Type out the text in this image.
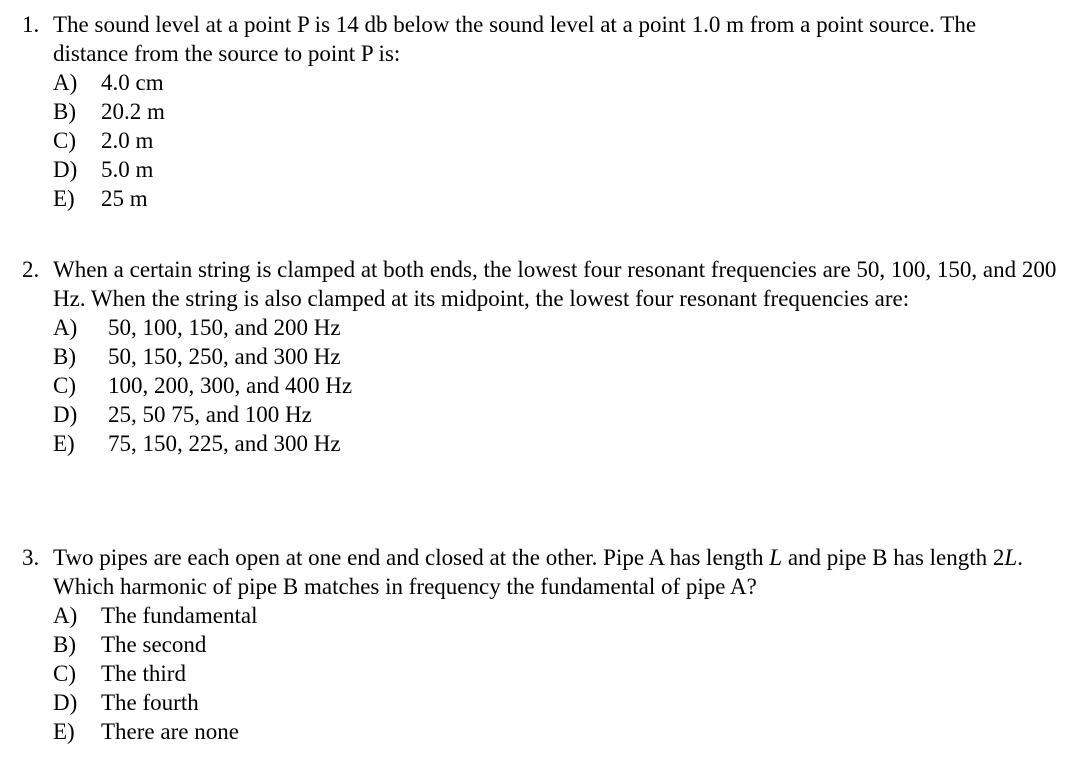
1. The sound level at a point P is 14 db below the sound level at a point 1.0 m from a point source. The distance from the source to point P is:
A)	4.0 cm
B)	20.2 m
C)	2.0 m
D)	5.0 m
E)	25 m
2. When a certain string is clamped at both ends, the lowest four resonant frequencies are 50, 100, 150, and 200 Hz. When the string is also clamped at its midpoint, the lowest four resonant frequencies are:
A)	50, 100, 150, and 200 Hz
B)	50, 150, 250, and 300 Hz
C)	100, 200, 300, and 400 Hz
D)	25, 50 75, and 100 Hz
E)	75, 150, 225, and 300 Hz
3. Two pipes are each open at one end and closed at the other. Pipe A has length L and pipe B has length 2L. Which harmonic of pipe B matches in frequency the fundamental of pipe A?
A)	The fundamental
B)	The second
C)	The third
D)	The fourth
E)	There are none
